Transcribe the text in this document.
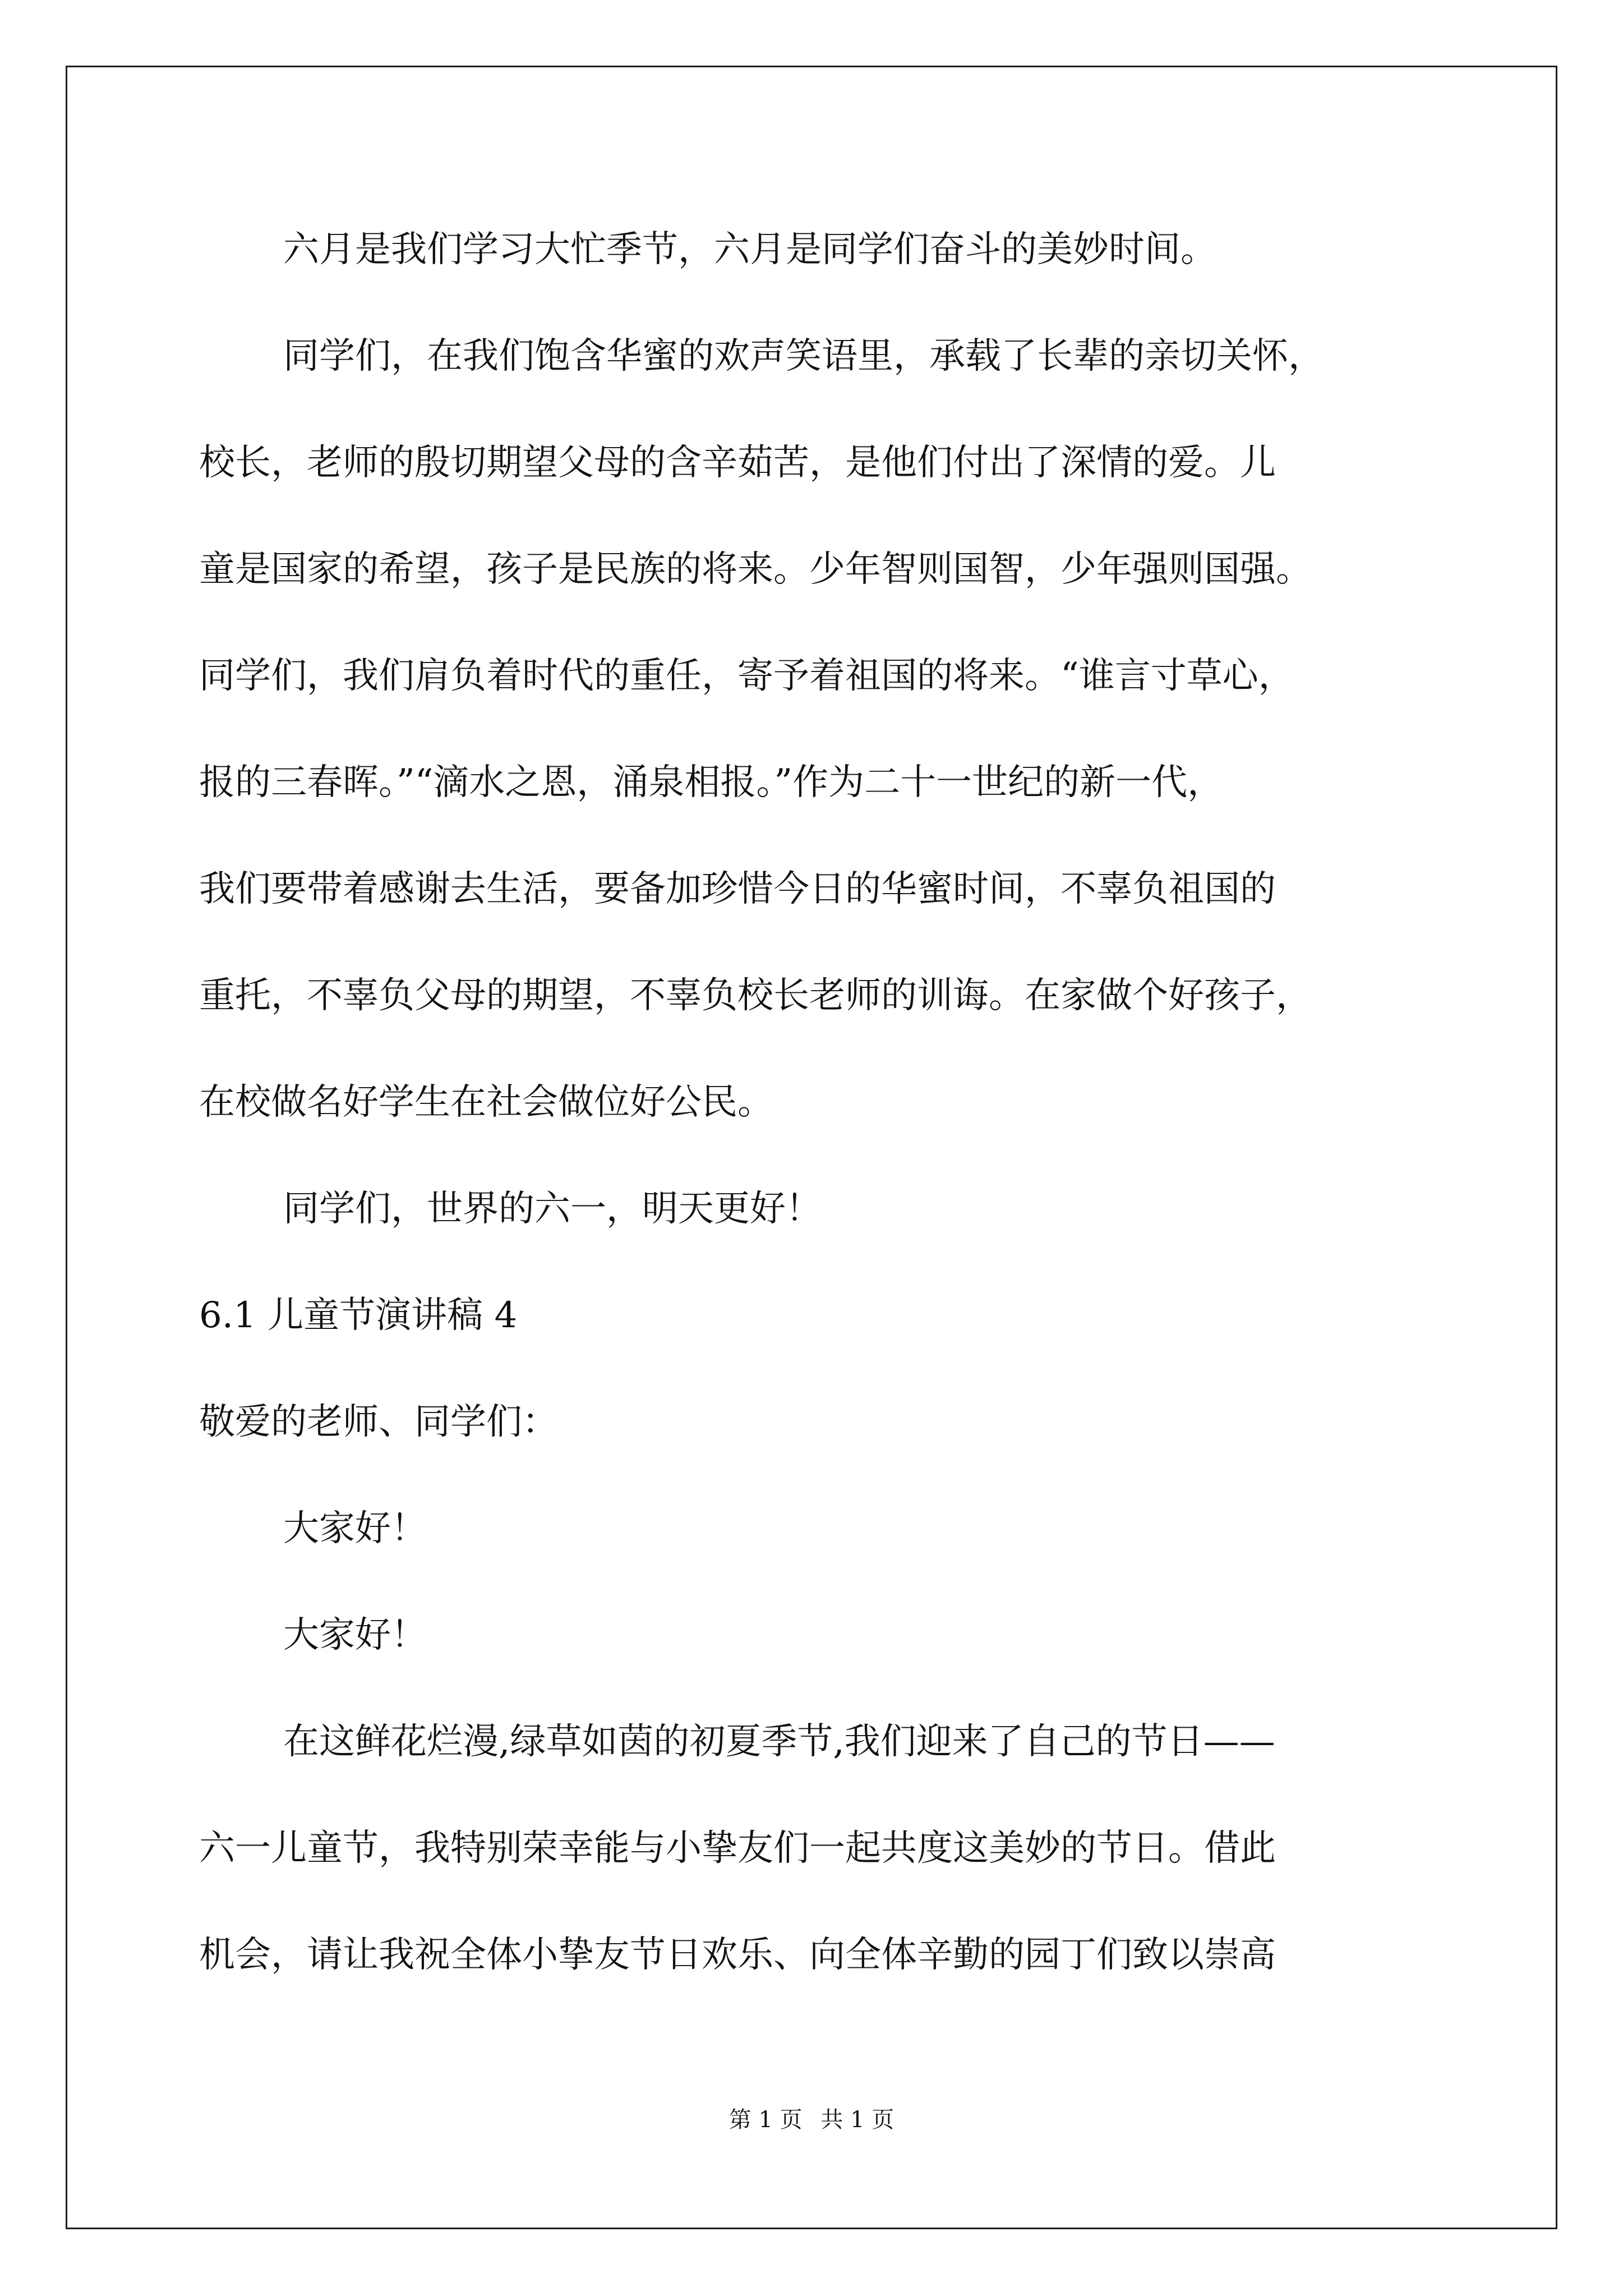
六月是我们学习大忙季节，六月是同学们奋斗的美妙时间。
同学们，在我们饱含华蜜的欢声笑语里，承载了长辈的亲切关怀，
校长，老师的殷切期望父母的含辛茹苦，是他们付出了深情的爱。儿
童是国家的希望，孩子是民族的将来。少年智则国智，少年强则国强。
同学们，我们肩负着时代的重任，寄予着祖国的将来。“谁言寸草心，
报的三春晖。”“滴水之恩，涌泉相报。”作为二十一世纪的新一代，
我们要带着感谢去生活，要备加珍惜今日的华蜜时间，不辜负祖国的
重托，不辜负父母的期望，不辜负校长老师的训诲。在家做个好孩子，
在校做名好学生在社会做位好公民。
同学们，世界的六一，明天更好！
6.1 儿童节演讲稿 4
敬爱的老师、同学们：
大家好！
大家好！
在这鲜花烂漫,绿草如茵的初夏季节,我们迎来了自己的节日——
六一儿童节，我特别荣幸能与小挚友们一起共度这美妙的节日。借此
机会，请让我祝全体小挚友节日欢乐、向全体辛勤的园丁们致以崇高
第 1 页 共 1 页
